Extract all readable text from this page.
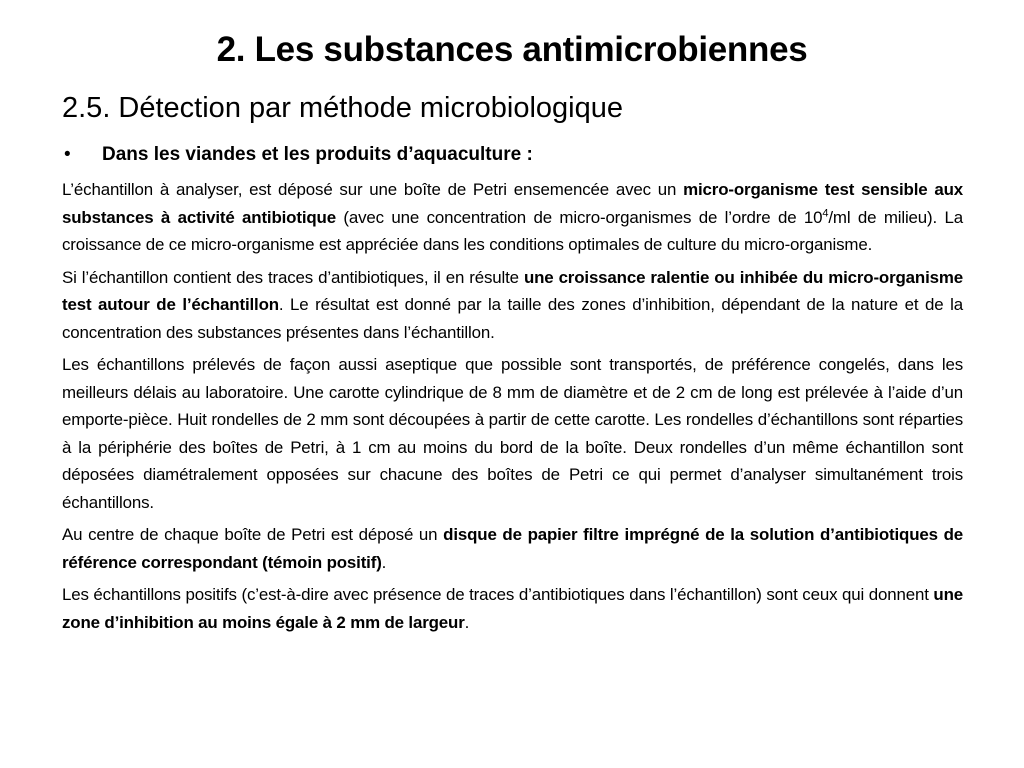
2. Les substances antimicrobiennes
2.5. Détection par méthode microbiologique
•	Dans les viandes et les produits d’aquaculture :

L’échantillon à analyser, est déposé sur une boîte de Petri ensemencée avec un micro-organisme test sensible aux substances à activité antibiotique (avec une concentration de micro-organismes de l’ordre de $10^4/ml$ de milieu). La croissance de ce micro-organisme est appréciée dans les conditions optimales de culture du micro-organisme.

Si l’échantillon contient des traces d’antibiotiques, il en résulte une croissance ralentie ou inhibée du micro-organisme test autour de l’échantillon. Le résultat est donné par la taille des zones d’inhibition, dépendant de la nature et de la concentration des substances présentes dans l’échantillon.

Les échantillons prélevés de façon aussi aseptique que possible sont transportés, de préférence congelés, dans les meilleurs délais au laboratoire. Une carotte cylindrique de 8 mm de diamètre et de 2 cm de long est prélevée à l’aide d’un emporte-pièce. Huit rondelles de 2 mm sont découpées à partir de cette carotte. Les rondelles d’échantillons sont réparties à la périphérie des boîtes de Petri, à 1 cm au moins du bord de la boîte. Deux rondelles d’un même échantillon sont déposées diamétralement opposées sur chacune des boîtes de Petri ce qui permet d’analyser simultanément trois échantillons.

Au centre de chaque boîte de Petri est déposé un disque de papier filtre imprégné de la solution d’antibiotiques de référence correspondant (témoin positif).

Les échantillons positifs (c’est-à-dire avec présence de traces d’antibiotiques dans l’échantillon) sont ceux qui donnent une zone d’inhibition au moins égale à 2 mm de largeur.
